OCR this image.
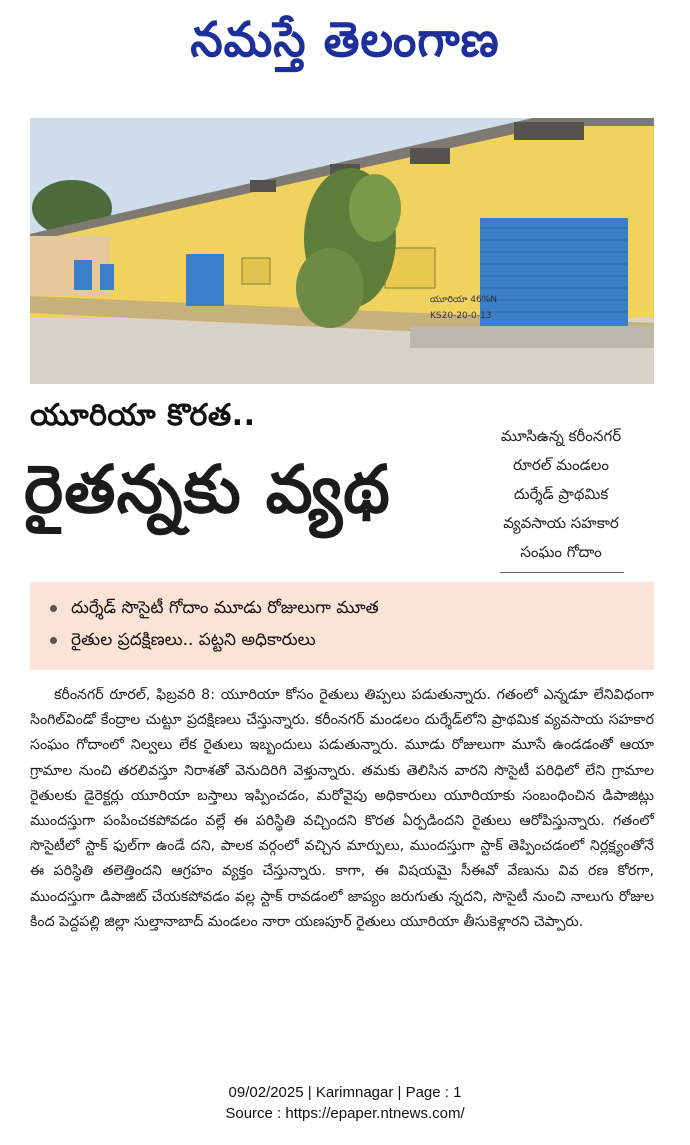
నమస్తే తెలంగాణ
యూరియా 46%N
KS20-20-0-13
యూరియా కొరత..
రైతన్నకు వ్యథ
మూసిఉన్న కరీంనగర్
రూరల్ మండలం
దుర్శేడ్ ప్రాథమిక
వ్యవసాయ సహకార
సంఘం గోదాం
దుర్శేడ్ సొసైటీ గోదాం మూడు రోజులుగా మూత
రైతుల ప్రదక్షిణలు.. పట్టని అధికారులు
కరీంనగర్ రూరల్, ఫిబ్రవరి 8: యూరియా కోసం రైతులు తిప్పలు పడుతున్నారు. గతంలో ఎన్నడూ లేనివిధంగా సింగిల్‌విండో కేంద్రాల చుట్టూ ప్రదక్షిణలు చేస్తున్నారు. కరీంనగర్ మండలం దుర్శేడ్‌లోని ప్రాథమిక వ్యవసాయ సహకార సంఘం గోదాంలో నిల్వలు లేక రైతులు ఇబ్బందులు పడుతున్నారు. మూడు రోజులుగా మూసే ఉండడంతో ఆయా గ్రామాల నుంచి తరలివస్తూ నిరాశతో వెనుదిరిగి వెళ్తున్నారు. తమకు తెలిసిన వారని సొసైటీ పరిధిలో లేని గ్రామాల రైతులకు డైరెక్టర్లు యూరియా బస్తాలు ఇప్పించడం, మరోవైపు అధికారులు యూరియాకు సంబంధించిన డిపాజిట్లు ముందస్తుగా పంపించకపోవడం వల్లే ఈ పరిస్థితి వచ్చిందని కొరత ఏర్పడిందని రైతులు ఆరోపిస్తున్నారు. గతంలో సొసైటీలో స్టాక్ ఫుల్‌గా ఉండే దని, పాలక వర్గంలో వచ్చిన మార్పులు, ముందస్తుగా స్టాక్ తెప్పించడంలో నిర్లక్ష్యంతోనే ఈ పరిస్థితి తలెత్తిందని ఆగ్రహం వ్యక్తం చేస్తున్నారు. కాగా, ఈ విషయమై సీఈవో వేణును వివ రణ కోరగా, ముందస్తుగా డిపాజిట్ చేయకపోవడం వల్ల స్టాక్ రావడంలో జాప్యం జరుగుతు న్నదని, సొసైటీ నుంచి నాలుగు రోజుల కింద పెద్దపల్లి జిల్లా సుల్తానాబాద్ మండలం నారా యణపూర్ రైతులు యూరియా తీసుకెళ్లారని చెప్పారు.
09/02/2025 | Karimnagar | Page : 1
Source : https://epaper.ntnews.com/
